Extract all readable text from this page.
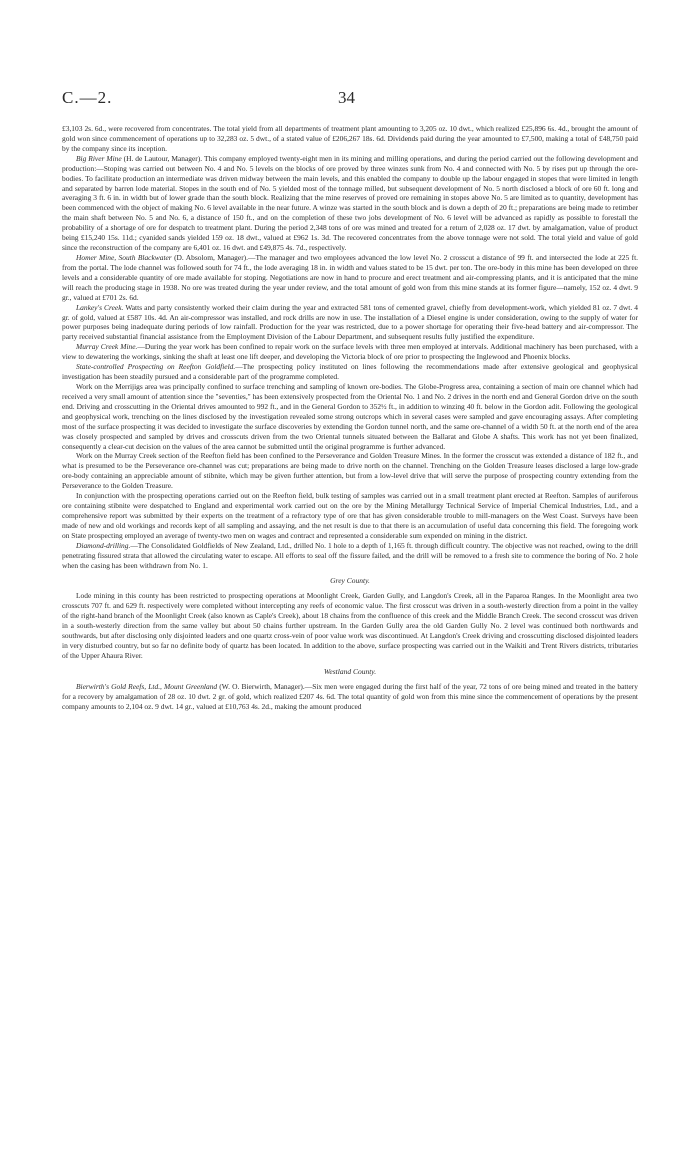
C.—2.	34

£3,103 2s. 6d., were recovered from concentrates. The total yield from all departments of treatment plant amounting to 3,205 oz. 10 dwt., which realized £25,896 6s. 4d., brought the amount of gold won since commencement of operations up to 32,283 oz. 5 dwt., of a stated value of £206,267 18s. 6d. Dividends paid during the year amounted to £7,500, making a total of £48,750 paid by the company since its inception.

Big River Mine (H. de Lautour, Manager). This company employed twenty-eight men in its mining and milling operations, and during the period carried out the following development and production:—Stoping was carried out between No. 4 and No. 5 levels on the blocks of ore proved by three winzes sunk from No. 4 and connected with No. 5 by rises put up through the ore-bodies. To facilitate production an intermediate was driven midway between the main levels, and this enabled the company to double up the labour engaged in stopes that were limited in length and separated by barren lode material. Stopes in the south end of No. 5 yielded most of the tonnage milled, but subsequent development of No. 5 north disclosed a block of ore 60 ft. long and averaging 3 ft. 6 in. in width but of lower grade than the south block. Realizing that the mine reserves of proved ore remaining in stopes above No. 5 are limited as to quantity, development has been commenced with the object of making No. 6 level available in the near future. A winze was started in the south block and is down a depth of 20 ft.; preparations are being made to retimber the main shaft between No. 5 and No. 6, a distance of 150 ft., and on the completion of these two jobs development of No. 6 level will be advanced as rapidly as possible to forestall the probability of a shortage of ore for despatch to treatment plant. During the period 2,348 tons of ore was mined and treated for a return of 2,028 oz. 17 dwt. by amalgamation, value of product being £15,240 15s. 11d.; cyanided sands yielded 159 oz. 18 dwt., valued at £962 1s. 3d. The recovered concentrates from the above tonnage were not sold. The total yield and value of gold since the reconstruction of the company are 6,401 oz. 16 dwt. and £49,875 4s. 7d., respectively.

Homer Mine, South Blackwater (D. Absolom, Manager).—The manager and two employees advanced the low level No. 2 crosscut a distance of 99 ft. and intersected the lode at 225 ft. from the portal. The lode channel was followed south for 74 ft., the lode averaging 18 in. in width and values stated to be 15 dwt. per ton. The ore-body in this mine has been developed on three levels and a considerable quantity of ore made available for stoping. Negotiations are now in hand to procure and erect treatment and air-compressing plants, and it is anticipated that the mine will reach the producing stage in 1938. No ore was treated during the year under review, and the total amount of gold won from this mine stands at its former figure—namely, 152 oz. 4 dwt. 9 gr., valued at £701 2s. 6d.

Lankey's Creek. Watts and party consistently worked their claim during the year and extracted 581 tons of cemented gravel, chiefly from development-work, which yielded 81 oz. 7 dwt. 4 gr. of gold, valued at £587 10s. 4d. An air-compressor was installed, and rock drills are now in use. The installation of a Diesel engine is under consideration, owing to the supply of water for power purposes being inadequate during periods of low rainfall. Production for the year was restricted, due to a power shortage for operating their five-head battery and air-compressor. The party received substantial financial assistance from the Employment Division of the Labour Department, and subsequent results fully justified the expenditure.

Murray Creek Mine.—During the year work has been confined to repair work on the surface levels with three men employed at intervals. Additional machinery has been purchased, with a view to dewatering the workings, sinking the shaft at least one lift deeper, and developing the Victoria block of ore prior to prospecting the Inglewood and Phoenix blocks.

State-controlled Prospecting on Reefton Goldfield.—The prospecting policy instituted on lines following the recommendations made after extensive geological and geophysical investigation has been steadily pursued and a considerable part of the programme completed.

Work on the Merrijigs area was principally confined to surface trenching and sampling of known ore-bodies. The Globe-Progress area, containing a section of main ore channel which had received a very small amount of attention since the "seventies," has been extensively prospected from the Oriental No. 1 and No. 2 drives in the north end and General Gordon drive on the south end. Driving and crosscutting in the Oriental drives amounted to 992 ft., and in the General Gordon to 352½ ft., in addition to winzing 40 ft. below in the Gordon adit. Following the geological and geophysical work, trenching on the lines disclosed by the investigation revealed some strong outcrops which in several cases were sampled and gave encouraging assays. After completing most of the surface prospecting it was decided to investigate the surface discoveries by extending the Gordon tunnel north, and the same ore-channel of a width 50 ft. at the north end of the area was closely prospected and sampled by drives and crosscuts driven from the two Oriental tunnels situated between the Ballarat and Globe A shafts. This work has not yet been finalized, consequently a clear-cut decision on the values of the area cannot be submitted until the original programme is further advanced.

Work on the Murray Creek section of the Reefton field has been confined to the Perseverance and Golden Treasure Mines. In the former the crosscut was extended a distance of 182 ft., and what is presumed to be the Perseverance ore-channel was cut; preparations are being made to drive north on the channel. Trenching on the Golden Treasure leases disclosed a large low-grade ore-body containing an appreciable amount of stibnite, which may be given further attention, but from a low-level drive that will serve the purpose of prospecting country extending from the Perseverance to the Golden Treasure.

In conjunction with the prospecting operations carried out on the Reefton field, bulk testing of samples was carried out in a small treatment plant erected at Reefton. Samples of auriferous ore containing stibnite were despatched to England and experimental work carried out on the ore by the Mining Metallurgy Technical Service of Imperial Chemical Industries, Ltd., and a comprehensive report was submitted by their experts on the treatment of a refractory type of ore that has given considerable trouble to mill-managers on the West Coast. Surveys have been made of new and old workings and records kept of all sampling and assaying, and the net result is due to that there is an accumulation of useful data concerning this field. The foregoing work on State prospecting employed an average of twenty-two men on wages and contract and represented a considerable sum expended on mining in the district.

Diamond-drilling.—The Consolidated Goldfields of New Zealand, Ltd., drilled No. 1 hole to a depth of 1,165 ft. through difficult country. The objective was not reached, owing to the drill penetrating fissured strata that allowed the circulating water to escape. All efforts to seal off the fissure failed, and the drill will be removed to a fresh site to commence the boring of No. 2 hole when the casing has been withdrawn from No. 1.

Grey County.

Lode mining in this county has been restricted to prospecting operations at Moonlight Creek, Garden Gully, and Langdon's Creek, all in the Paparoa Ranges. In the Moonlight area two crosscuts 707 ft. and 629 ft. respectively were completed without intercepting any reefs of economic value. The first crosscut was driven in a south-westerly direction from a point in the valley of the right-hand branch of the Moonlight Creek (also known as Caple's Creek), about 18 chains from the confluence of this creek and the Middle Branch Creek. The second crosscut was driven in a south-westerly direction from the same valley but about 50 chains further upstream. In the Garden Gully area the old Garden Gully No. 2 level was continued both northwards and southwards, but after disclosing only disjointed leaders and one quartz cross-vein of poor value work was discontinued. At Langdon's Creek driving and crosscutting disclosed disjointed leaders in very disturbed country, but so far no definite body of quartz has been located. In addition to the above, surface prospecting was carried out in the Waikiti and Trent Rivers districts, tributaries of the Upper Ahaura River.

Westland County.

Bierwirth's Gold Reefs, Ltd., Mount Greenland (W. O. Bierwirth, Manager).—Six men were engaged during the first half of the year, 72 tons of ore being mined and treated in the battery for a recovery by amalgamation of 28 oz. 10 dwt. 2 gr. of gold, which realized £207 4s. 6d. The total quantity of gold won from this mine since the commencement of operations by the present company amounts to 2,104 oz. 9 dwt. 14 gr., valued at £10,763 4s. 2d., making the amount produced
